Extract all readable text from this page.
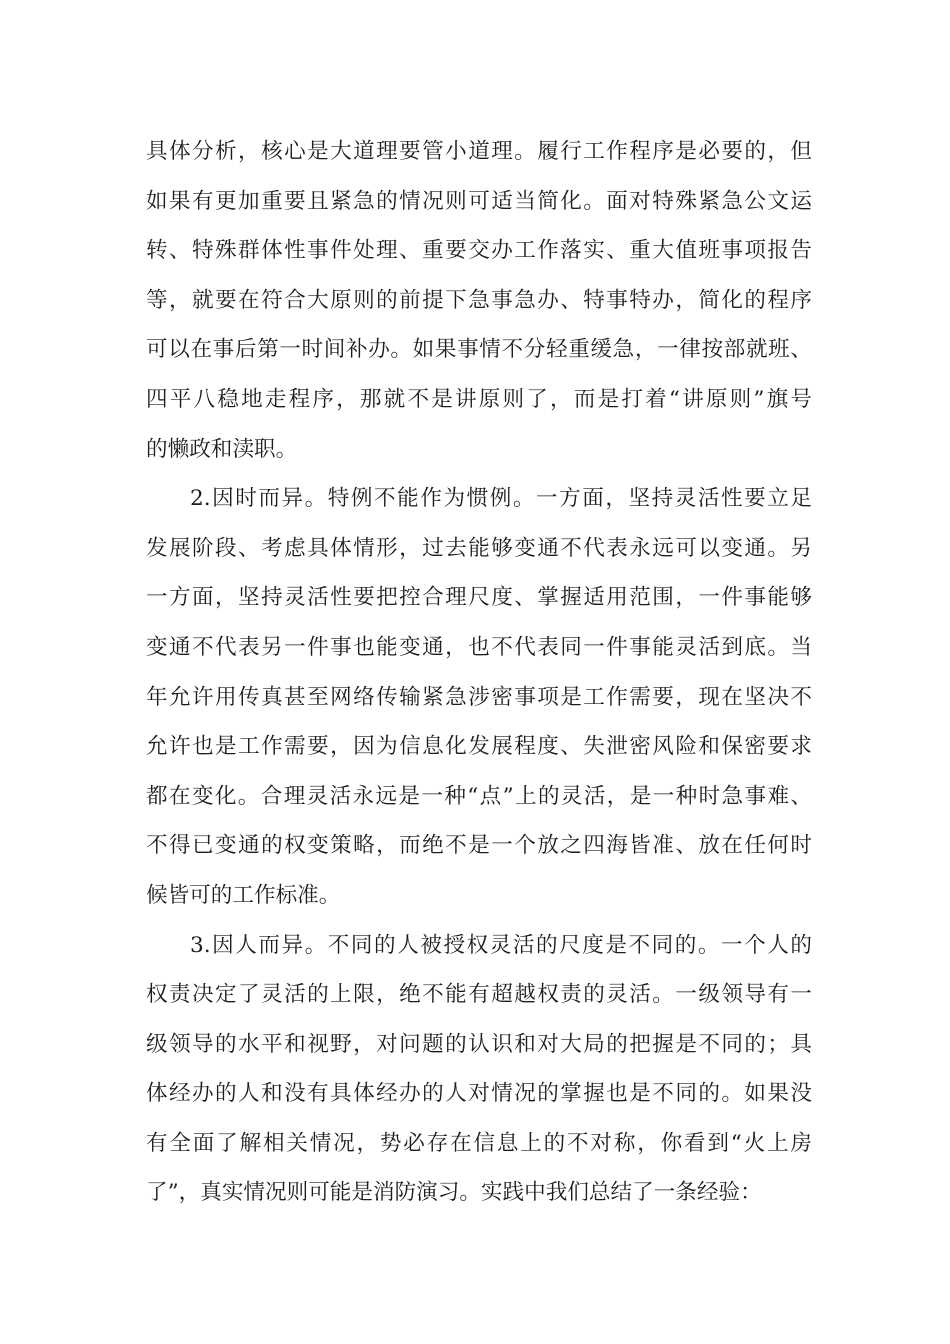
具体分析，核心是大道理要管小道理。履行工作程序是必要的，但
如果有更加重要且紧急的情况则可适当简化。面对特殊紧急公文运
转、特殊群体性事件处理、重要交办工作落实、重大值班事项报告
等，就要在符合大原则的前提下急事急办、特事特办，简化的程序
可以在事后第一时间补办。如果事情不分轻重缓急，一律按部就班、
四平八稳地走程序，那就不是讲原则了，而是打着“讲原则”旗号
的懒政和渎职。
2.因时而异。特例不能作为惯例。一方面，坚持灵活性要立足
发展阶段、考虑具体情形，过去能够变通不代表永远可以变通。另
一方面，坚持灵活性要把控合理尺度、掌握适用范围，一件事能够
变通不代表另一件事也能变通，也不代表同一件事能灵活到底。当
年允许用传真甚至网络传输紧急涉密事项是工作需要，现在坚决不
允许也是工作需要，因为信息化发展程度、失泄密风险和保密要求
都在变化。合理灵活永远是一种“点”上的灵活，是一种时急事难、
不得已变通的权变策略，而绝不是一个放之四海皆准、放在任何时
候皆可的工作标准。
3.因人而异。不同的人被授权灵活的尺度是不同的。一个人的
权责决定了灵活的上限，绝不能有超越权责的灵活。一级领导有一
级领导的水平和视野，对问题的认识和对大局的把握是不同的；具
体经办的人和没有具体经办的人对情况的掌握也是不同的。如果没
有全面了解相关情况，势必存在信息上的不对称，你看到“火上房
了”，真实情况则可能是消防演习。实践中我们总结了一条经验：
